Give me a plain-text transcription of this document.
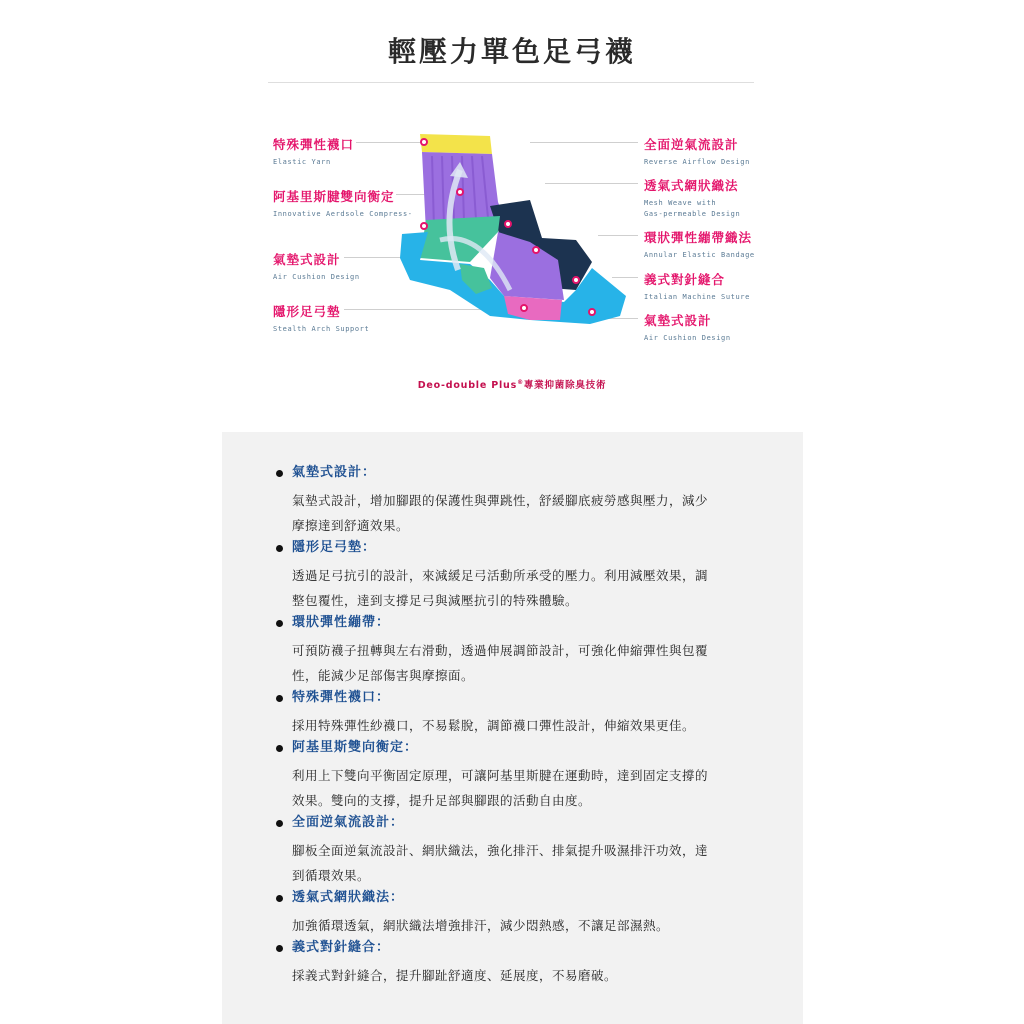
輕壓力單色足弓襪
特殊彈性襪口
Elastic Yarn
阿基里斯腱雙向衡定
Innovative Aerdsole Compress-
氣墊式設計
Air Cushion Design
隱形足弓墊
Stealth Arch Support
全面逆氣流設計
Reverse Airflow Design
透氣式網狀織法
Mesh Weave with
Gas-permeable Design
環狀彈性繃帶織法
Annular Elastic Bandage
義式對針縫合
Italian Machine Suture
氣墊式設計
Air Cushion Design
Deo-double Plus®專業抑菌除臭技術
氣墊式設計：
氣墊式設計，增加腳跟的保護性與彈跳性，舒緩腳底疲勞感與壓力，減少
摩擦達到舒適效果。
隱形足弓墊：
透過足弓抗引的設計，來減緩足弓活動所承受的壓力。利用減壓效果，調
整包覆性，達到支撐足弓與減壓抗引的特殊體驗。
環狀彈性繃帶：
可預防襪子扭轉與左右滑動，透過伸展調節設計，可強化伸縮彈性與包覆
性，能減少足部傷害與摩擦面。
特殊彈性襪口：
採用特殊彈性紗襪口，不易鬆脫，調節襪口彈性設計，伸縮效果更佳。
阿基里斯雙向衡定：
利用上下雙向平衡固定原理，可讓阿基里斯腱在運動時，達到固定支撐的
效果。雙向的支撐，提升足部與腳跟的活動自由度。
全面逆氣流設計：
腳板全面逆氣流設計、網狀織法，強化排汗、排氣提升吸濕排汗功效，達
到循環效果。
透氣式網狀織法：
加強循環透氣，網狀織法增強排汗，減少悶熱感，不讓足部濕熱。
義式對針縫合：
採義式對針縫合，提升腳趾舒適度、延展度，不易磨破。
